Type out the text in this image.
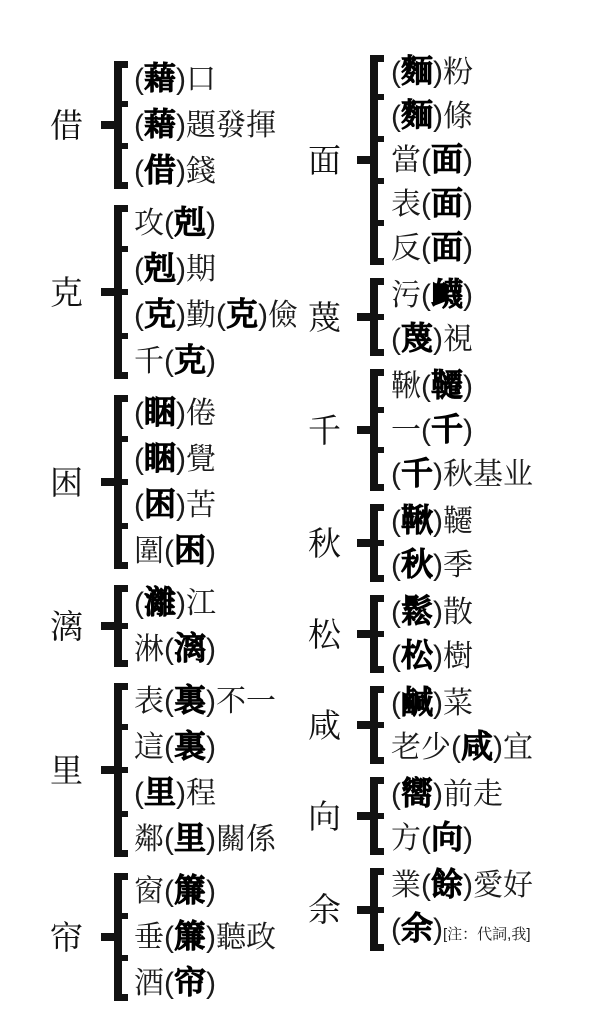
借
(藉)口
(藉)題發揮
(借)錢
克
攻(剋)
(剋)期
(克)勤(克)儉
千(克)
困
(睏)倦
(睏)覺
(困)苦
圍(困)
漓
(灕)江
淋(漓)
里
表(裏)不一
這(裏)
(里)程
鄰(里)關係
帘
窗(簾)
垂(簾)聽政
酒(帘)
面
(麵)粉
(麵)條
當(面)
表(面)
反(面)
蔑
污(衊)
(蔑)視
千
鞦(韆)
一(千)
(千)秋基业
秋
(鞦)韆
(秋)季
松
(鬆)散
(松)樹
咸
(鹹)菜
老少(咸)宜
向
(嚮)前走
方(向)
余
業(餘)愛好
(余)[注：代詞,我]
